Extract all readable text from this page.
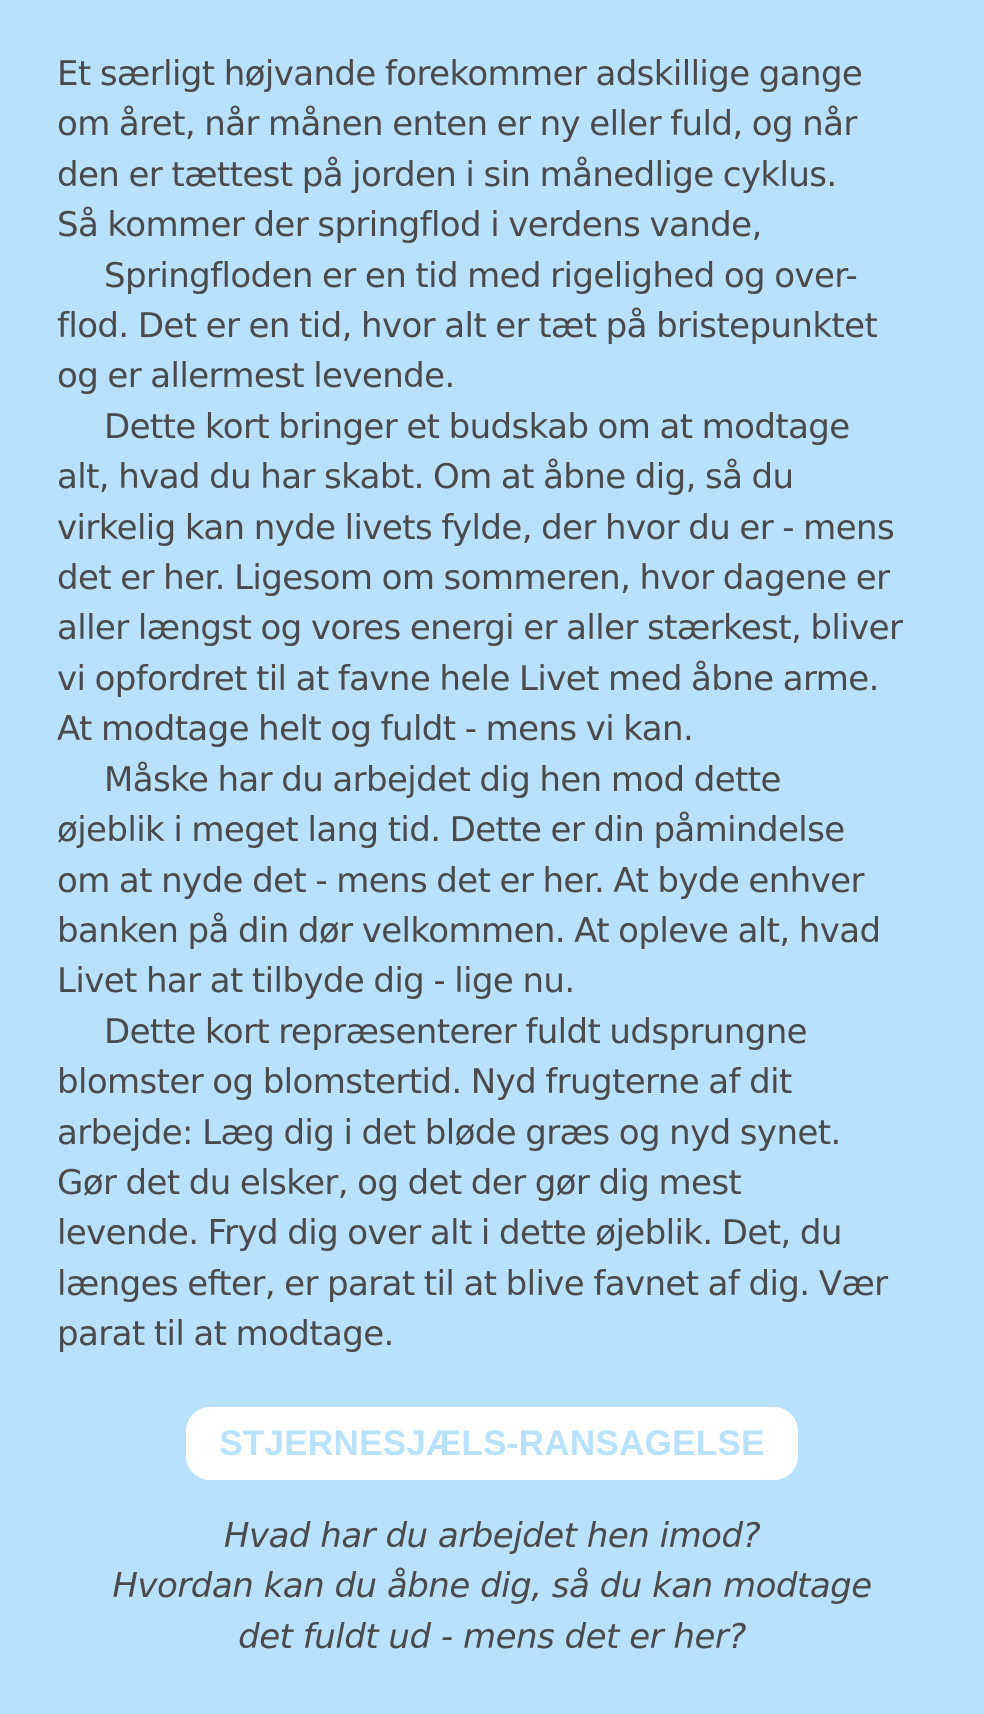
Et særligt højvande forekommer adskillige gange
om året, når månen enten er ny eller fuld, og når
den er tættest på jorden i sin månedlige cyklus.
Så kommer der springflod i verdens vande,

Springfloden er en tid med rigelighed og over-
flod. Det er en tid, hvor alt er tæt på bristepunktet
og er allermest levende.

Dette kort bringer et budskab om at modtage
alt, hvad du har skabt. Om at åbne dig, så du
virkelig kan nyde livets fylde, der hvor du er - mens
det er her. Ligesom om sommeren, hvor dagene er
aller længst og vores energi er aller stærkest, bliver
vi opfordret til at favne hele Livet med åbne arme.
At modtage helt og fuldt - mens vi kan.

Måske har du arbejdet dig hen mod dette
øjeblik i meget lang tid. Dette er din påmindelse
om at nyde det - mens det er her. At byde enhver
banken på din dør velkommen. At opleve alt, hvad
Livet har at tilbyde dig - lige nu.

Dette kort repræsenterer fuldt udsprungne
blomster og blomstertid. Nyd frugterne af dit
arbejde: Læg dig i det bløde græs og nyd synet.
Gør det du elsker, og det der gør dig mest
levende. Fryd dig over alt i dette øjeblik. Det, du
længes efter, er parat til at blive favnet af dig. Vær
parat til at modtage.

STJERNESJÆLS-RANSAGELSE
Hvad har du arbejdet hen imod?
Hvordan kan du åbne dig, så du kan modtage
det fuldt ud - mens det er her?
